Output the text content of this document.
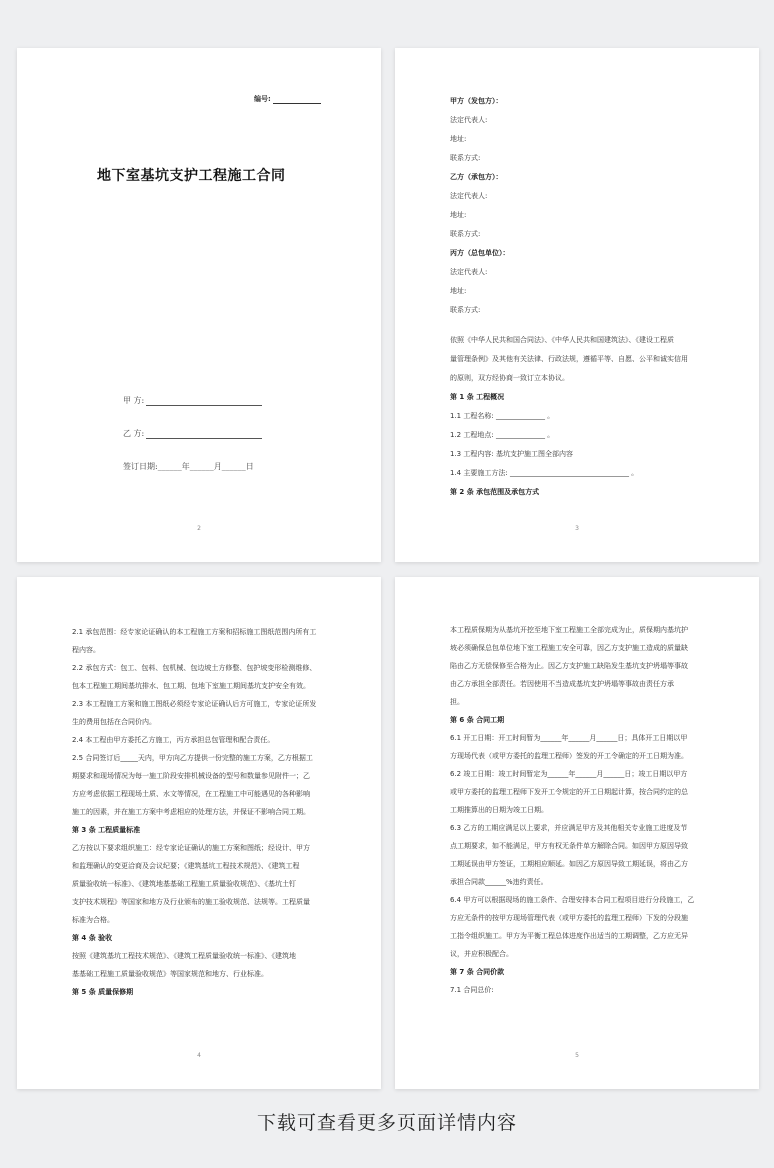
编号:
地下室基坑支护工程施工合同
甲 方:
乙 方:
签订日期:______年______月______日
2	3
甲方（发包方）：
法定代表人:
地址:
联系方式:
乙方（承包方）：
法定代表人:
地址:
联系方式:
丙方（总包单位）：
法定代表人:
地址:
联系方式:
依照《中华人民共和国合同法》、《中华人民共和国建筑法》、《建设工程质
量管理条例》及其他有关法律、行政法规，遵循平等、自愿、公平和诚实信用
的原则，双方经协商一致订立本协议。
第 1 条 工程概况
1.1 工程名称: ______________ 。
1.2 工程地点: ______________ 。
1.3 工程内容: 基坑支护施工图全部内容
1.4 主要施工方法: __________________________________ 。
第 2 条 承包范围及承包方式
4
2.1 承包范围：经专家论证确认的本工程施工方案和招标施工图纸范围内所有工
程内容。
2.2 承包方式：包工、包料、包机械、包边坡土方修整、包护坡变形检测维修、
包本工程施工期间基坑排水、包工期、包地下室施工期间基坑支护安全有效。
2.3 本工程施工方案和施工图纸必须经专家论证确认后方可施工，专家论证所发
生的费用包括在合同价内。
2.4 本工程由甲方委托乙方施工，丙方承担总包管理和配合责任。
2.5 合同签订后_____天内，甲方向乙方提供一份完整的施工方案，乙方根据工
期要求和现场情况为每一施工阶段安排机械设备的型号和数量参见附件一；乙
方应考虑依据工程现场土质、水文等情况，在工程施工中可能遇见的各种影响
施工的因素，并在施工方案中考虑相应的处理方法，并保证不影响合同工期。
第 3 条 工程质量标准
乙方按以下要求组织施工：经专家论证确认的施工方案和图纸；经设计、甲方
和监理确认的变更洽商及会议纪要；《建筑基坑工程技术规范》、《建筑工程
质量验收统一标准》、《建筑地基基础工程施工质量验收规范》、《基坑土钉
支护技术规程》等国家和地方及行业颁布的施工验收规范、法规等。工程质量
标准为合格。
第 4 条 验收
按照《建筑基坑工程技术规范》、《建筑工程质量验收统一标准》、《建筑地
基基础工程施工质量验收规范》等国家规范和地方、行业标准。
第 5 条 质量保修期
5
本工程质保期为从基坑开挖至地下室工程施工全部完成为止，质保期内基坑护
坡必须确保总包单位地下室工程施工安全可靠，因乙方支护施工造成的质量缺
陷由乙方无偿保修至合格为止。因乙方支护施工缺陷发生基坑支护坍塌等事故
由乙方承担全部责任。若因使用不当造成基坑支护坍塌等事故由责任方承
担。
第 6 条 合同工期
6.1 开工日期：开工时间暂为______年______月______日；具体开工日期以甲
方现场代表（或甲方委托的监理工程师）签发的开工令确定的开工日期为准。
6.2 竣工日期：竣工时间暂定为______年______月______日；竣工日期以甲方
或甲方委托的监理工程师下发开工令规定的开工日期起计算，按合同约定的总
工期推算出的日期为竣工日期。
6.3 乙方的工期应满足以上要求，并应满足甲方及其他相关专业施工进度及节
点工期要求，如不能满足，甲方有权无条件单方解除合同。如因甲方原因导致
工期延误由甲方签证，工期相应顺延。如因乙方原因导致工期延误，将由乙方
承担合同款______%违约责任。
6.4 甲方可以根据现场的施工条件、合理安排本合同工程项目进行分段施工，乙
方应无条件的按甲方现场管理代表（或甲方委托的监理工程师）下发的分段施
工指令组织施工。甲方为平衡工程总体进度作出适当的工期调整，乙方应无异
议，并应积极配合。
第 7 条 合同价款
7.1 合同总价:
下载可查看更多页面详情内容
